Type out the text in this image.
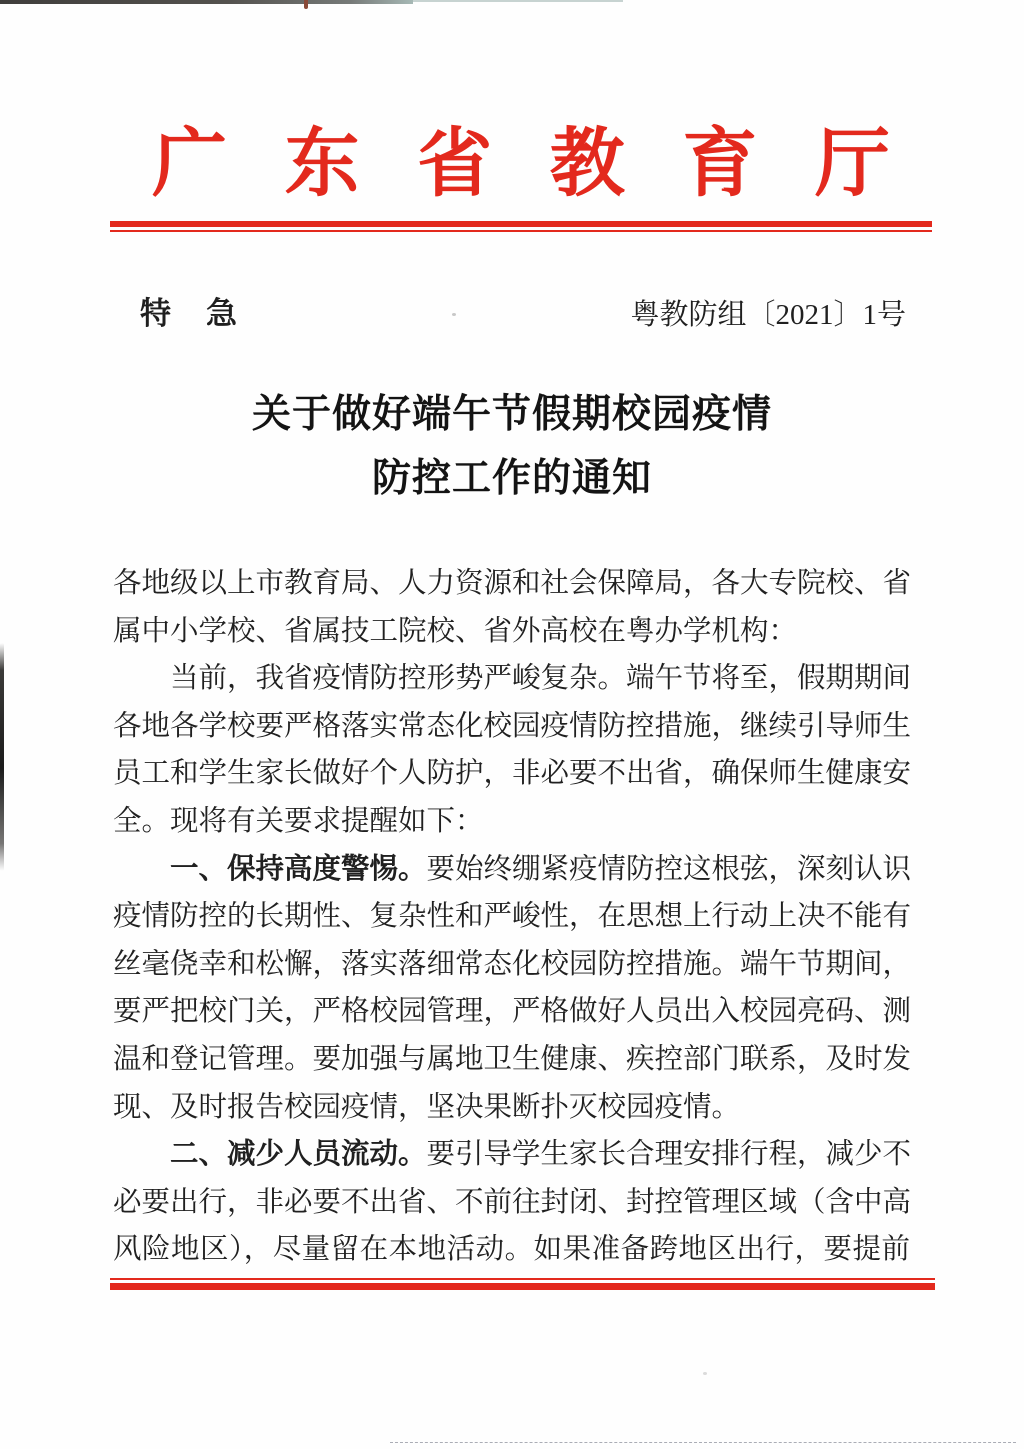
广 东 省 教 育 厅
特　急	粤教防组〔2021〕1号
关于做好端午节假期校园疫情
防控工作的通知
各地级以上市教育局、人力资源和社会保障局，各大专院校、省
属中小学校、省属技工院校、省外高校在粤办学机构：
当前，我省疫情防控形势严峻复杂。端午节将至，假期期间
各地各学校要严格落实常态化校园疫情防控措施，继续引导师生
员工和学生家长做好个人防护，非必要不出省，确保师生健康安
全。现将有关要求提醒如下：
一、保持高度警惕。要始终绷紧疫情防控这根弦，深刻认识
疫情防控的长期性、复杂性和严峻性，在思想上行动上决不能有
丝毫侥幸和松懈，落实落细常态化校园防控措施。端午节期间，
要严把校门关，严格校园管理，严格做好人员出入校园亮码、测
温和登记管理。要加强与属地卫生健康、疾控部门联系，及时发
现、及时报告校园疫情，坚决果断扑灭校园疫情。
二、减少人员流动。要引导学生家长合理安排行程，减少不
必要出行，非必要不出省、不前往封闭、封控管理区域（含中高
风险地区），尽量留在本地活动。如果准备跨地区出行，要提前
